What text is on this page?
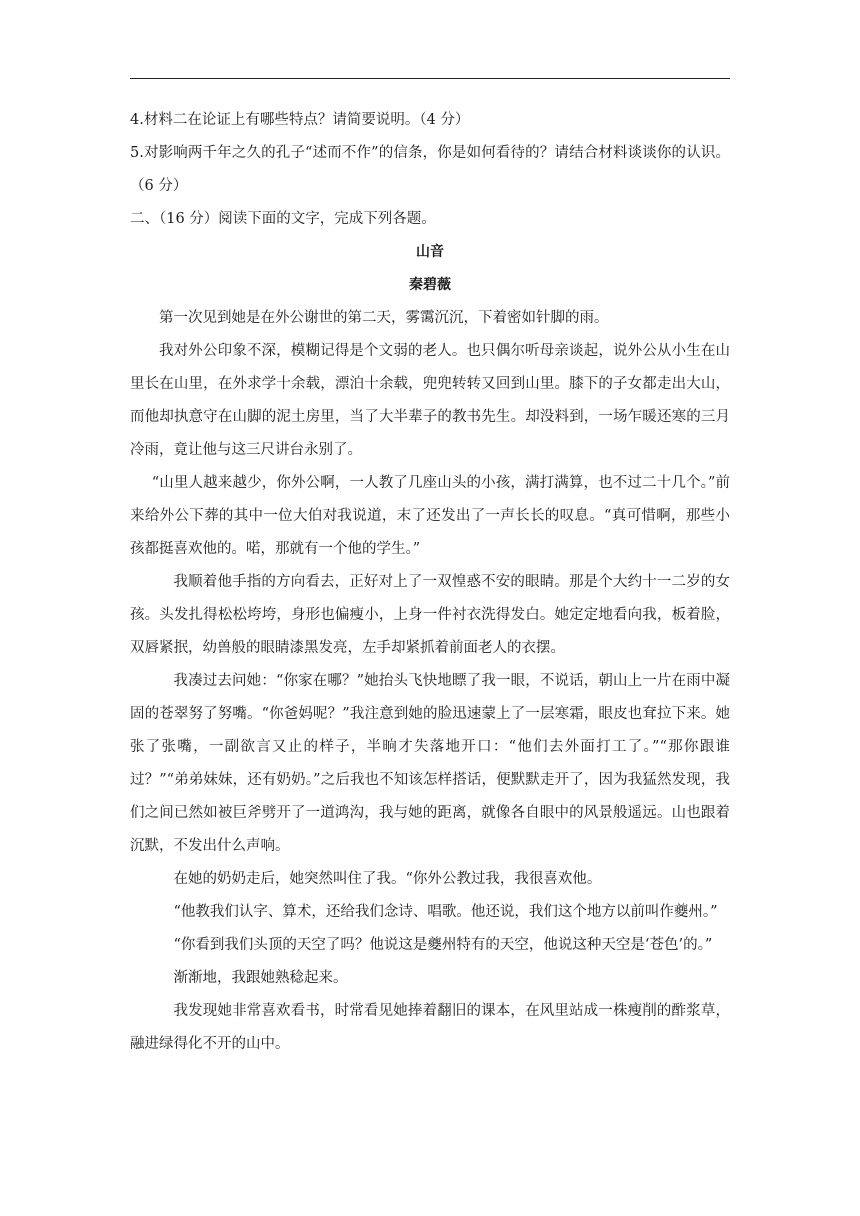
4.材料二在论证上有哪些特点？请简要说明。（4 分）

5.对影响两千年之久的孔子“述而不作”的信条，你是如何看待的？请结合材料谈谈你的认识。（6 分）

二、（16 分）阅读下面的文字，完成下列各题。

山音

秦碧薇

第一次见到她是在外公谢世的第二天，雾霭沉沉，下着密如针脚的雨。

我对外公印象不深，模糊记得是个文弱的老人。也只偶尔听母亲谈起，说外公从小生在山里长在山里，在外求学十余载，漂泊十余载，兜兜转转又回到山里。膝下的子女都走出大山，而他却执意守在山脚的泥土房里，当了大半辈子的教书先生。却没料到，一场乍暖还寒的三月冷雨，竟让他与这三尺讲台永别了。

“山里人越来越少，你外公啊，一人教了几座山头的小孩，满打满算，也不过二十几个。”前来给外公下葬的其中一位大伯对我说道，末了还发出了一声长长的叹息。“真可惜啊，那些小孩都挺喜欢他的。喏，那就有一个他的学生。”

我顺着他手指的方向看去，正好对上了一双惶惑不安的眼睛。那是个大约十一二岁的女孩。头发扎得松松垮垮，身形也偏瘦小，上身一件衬衣洗得发白。她定定地看向我，板着脸，双唇紧抿，幼兽般的眼睛漆黑发亮，左手却紧抓着前面老人的衣摆。

我凑过去问她：“你家在哪？”她抬头飞快地瞟了我一眼，不说话，朝山上一片在雨中凝固的苍翠努了努嘴。“你爸妈呢？”我注意到她的脸迅速蒙上了一层寒霜，眼皮也耷拉下来。她张了张嘴，一副欲言又止的样子，半晌才失落地开口：“他们去外面打工了。”“那你跟谁过？”“弟弟妹妹，还有奶奶。”之后我也不知该怎样搭话，便默默走开了，因为我猛然发现，我们之间已然如被巨斧劈开了一道鸿沟，我与她的距离，就像各自眼中的风景般遥远。山也跟着沉默，不发出什么声响。

在她的奶奶走后，她突然叫住了我。“你外公教过我，我很喜欢他。

“他教我们认字、算术，还给我们念诗、唱歌。他还说，我们这个地方以前叫作夔州。”

“你看到我们头顶的天空了吗？他说这是夔州特有的天空，他说这种天空是‘苍色’的。”

渐渐地，我跟她熟稔起来。

我发现她非常喜欢看书，时常看见她捧着翻旧的课本，在风里站成一株瘦削的酢浆草，融进绿得化不开的山中。
